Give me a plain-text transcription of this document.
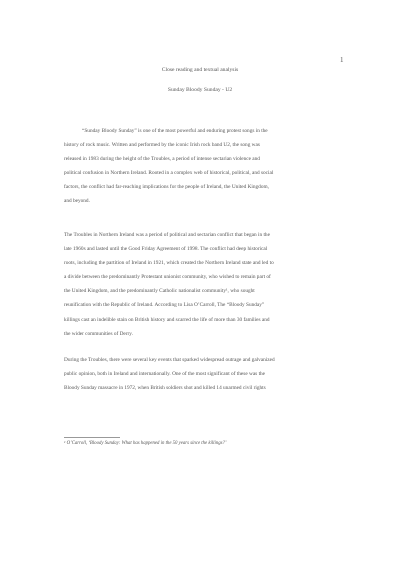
1
Close reading and textual analysis
Sunday Bloody Sunday - U2
“Sunday Bloody Sunday” is one of the most powerful and enduring protest songs in the
history of rock music. Written and performed by the iconic Irish rock band U2, the song was
released in 1983 during the height of the Troubles, a period of intense sectarian violence and
political confusion in Northern Ireland. Rooted in a complex web of historical, political, and social
factors, the conflict had far-reaching implications for the people of Ireland, the United Kingdom,
and beyond.
The Troubles in Northern Ireland was a period of political and sectarian conflict that began in the
late 1960s and lasted until the Good Friday Agreement of 1998. The conflict had deep historical
roots, including the partition of Ireland in 1921, which created the Northern Ireland state and led to
a divide between the predominantly Protestant unionist community, who wished to remain part of
the United Kingdom, and the predominantly Catholic nationalist community¹, who sought
reunification with the Republic of Ireland. According to Lisa O’Carroll, The “Bloody Sunday”
killings cast an indelible stain on British history and scarred the life of more than 30 families and
the wider communities of Derry.
During the Troubles, there were several key events that sparked widespread outrage and galvanized
public opinion, both in Ireland and internationally. One of the most significant of these was the
Bloody Sunday massacre in 1972, when British soldiers shot and killed 14 unarmed civil rights
¹ O’Carroll, ‘Bloody Sunday: What has happened in the 50 years since the killings?’
